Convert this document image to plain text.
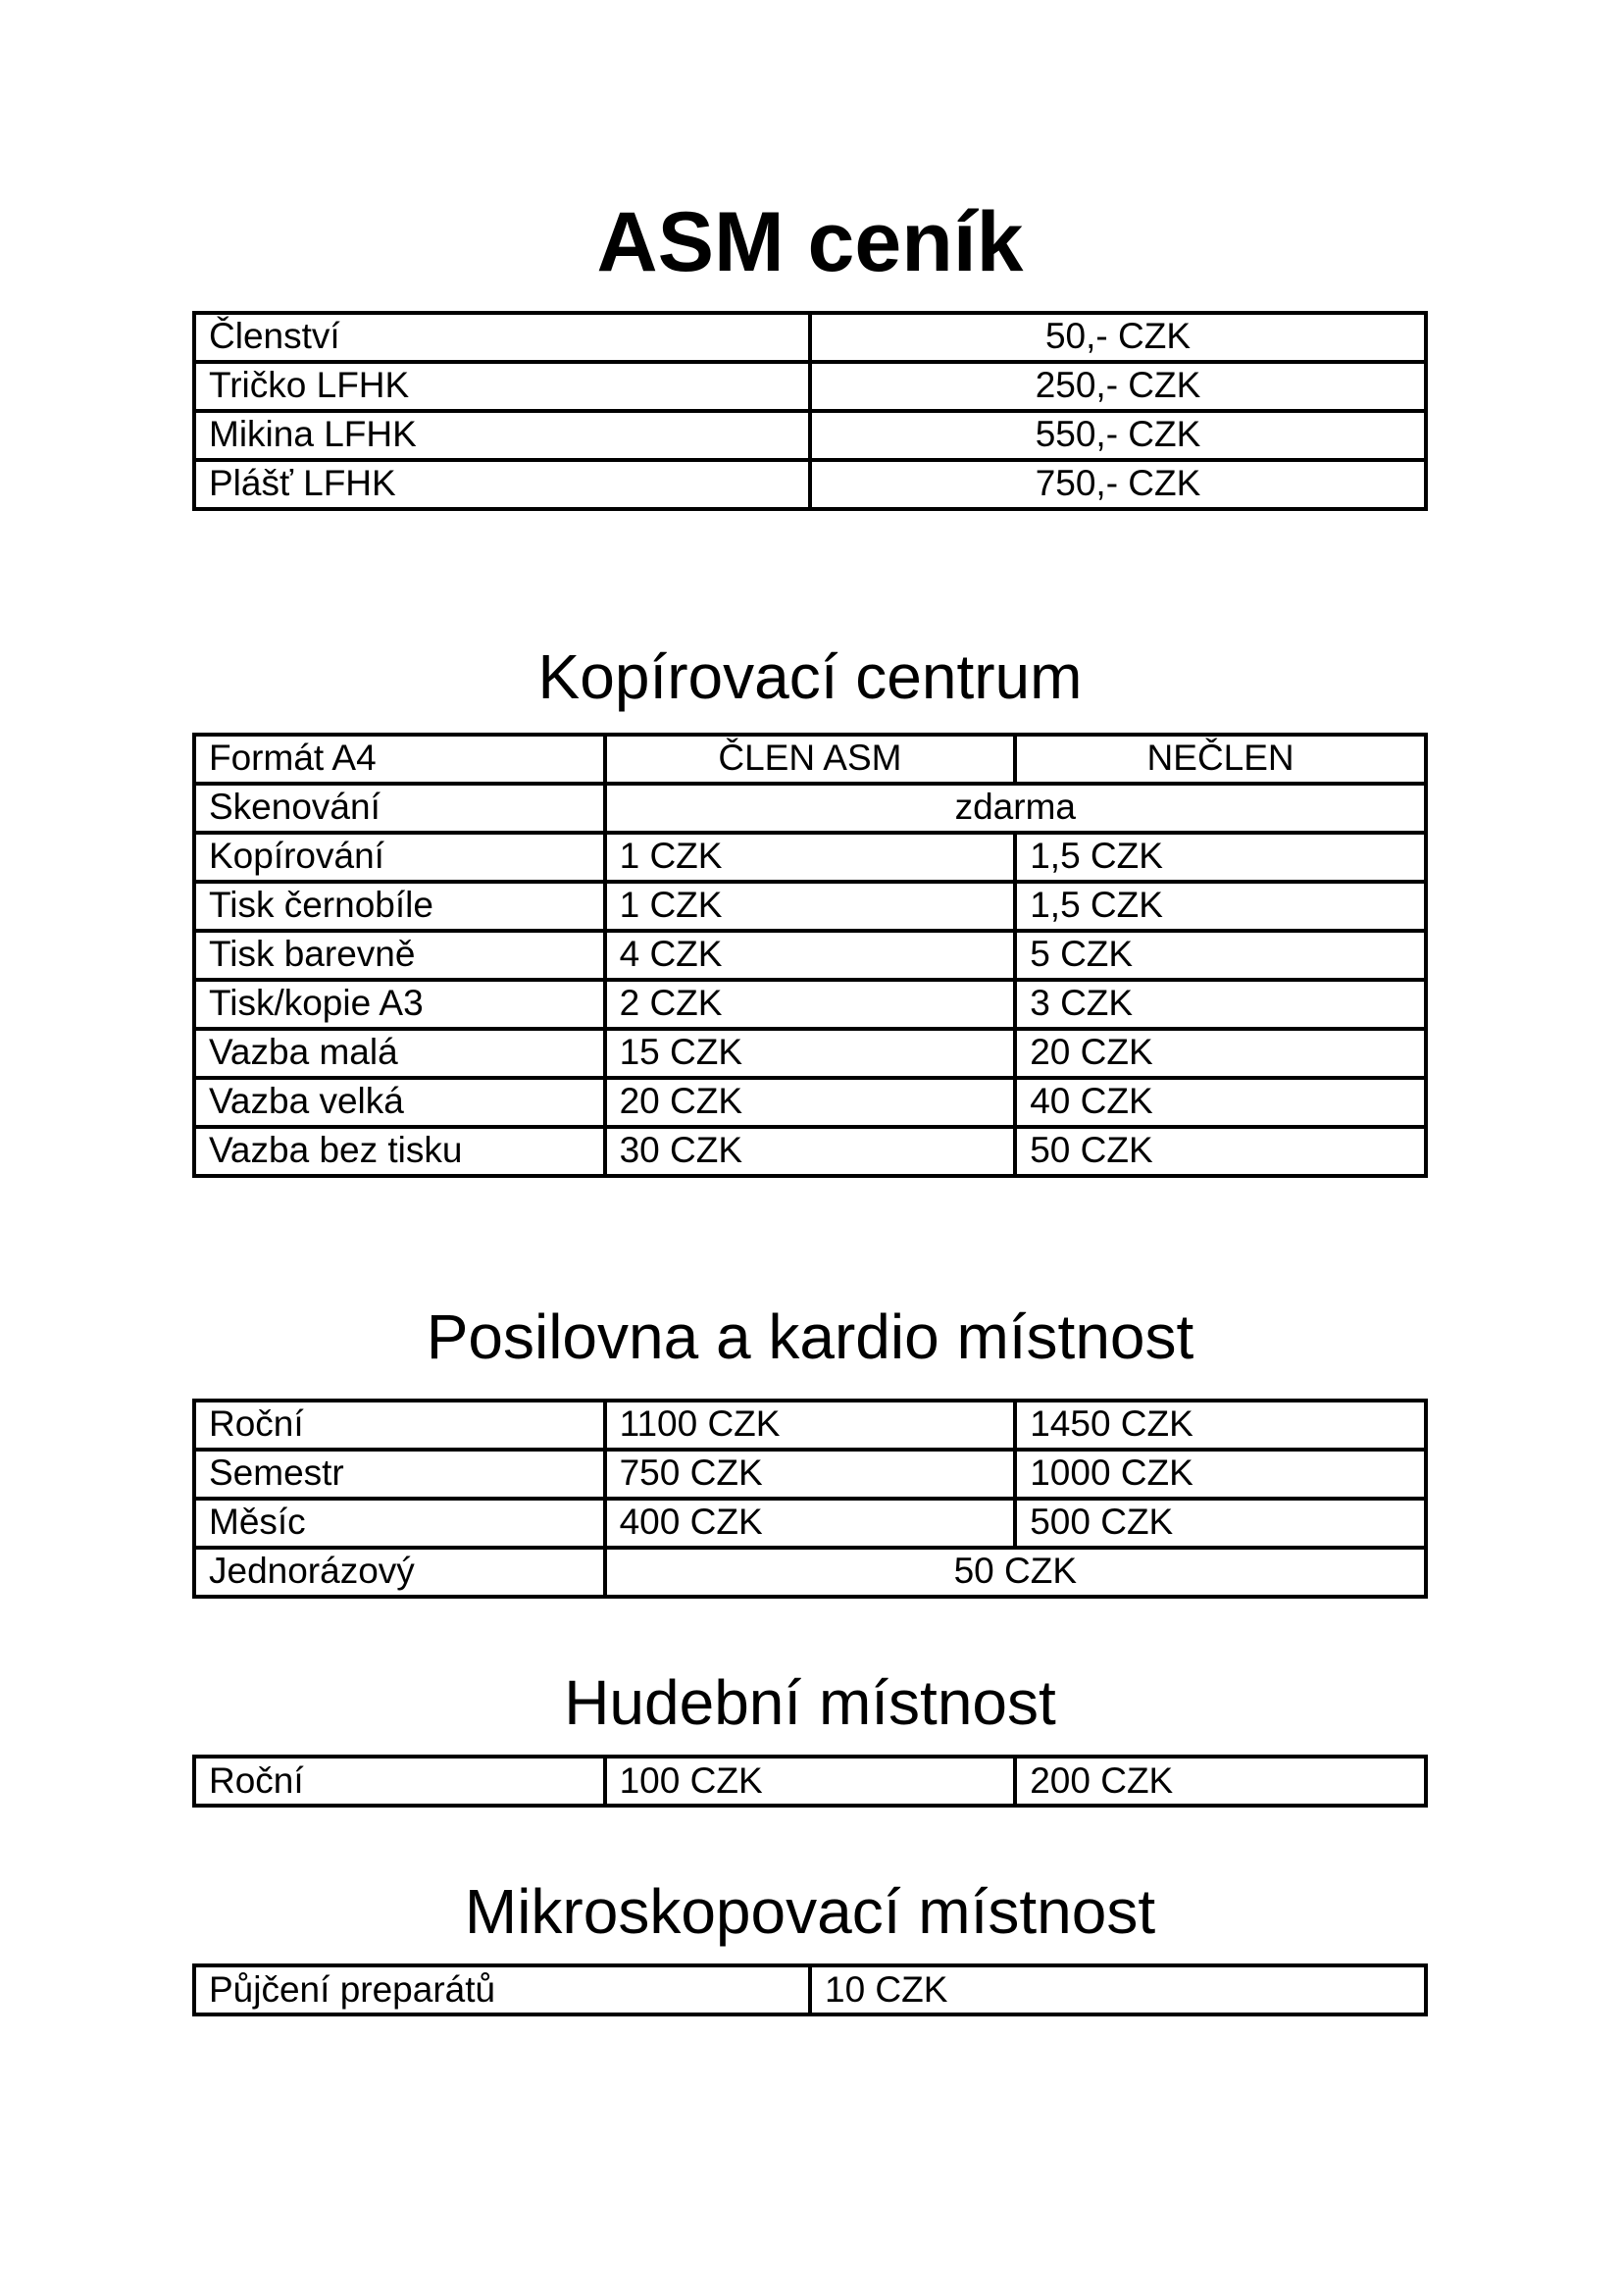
ASM ceník
Členství	50,- CZK
Tričko LFHK	250,- CZK
Mikina LFHK	550,- CZK
Plášť LFHK	750,- CZK
Kopírovací centrum
Formát A4	ČLEN ASM	NEČLEN
Skenování	zdarma	
Kopírování	1 CZK	1,5 CZK
Tisk černobíle	1 CZK	1,5 CZK
Tisk barevně	4 CZK	5 CZK
Tisk/kopie A3	2 CZK	3 CZK
Vazba malá	15 CZK	20 CZK
Vazba velká	20 CZK	40 CZK
Vazba bez tisku	30 CZK	50 CZK
Posilovna a kardio místnost
Roční	1100 CZK	1450 CZK
Semestr	750 CZK	1000 CZK
Měsíc	400 CZK	500 CZK
Jednorázový	50 CZK	
Hudební místnost
Roční	100 CZK	200 CZK
Mikroskopovací místnost
Půjčení preparátů	10 CZK
